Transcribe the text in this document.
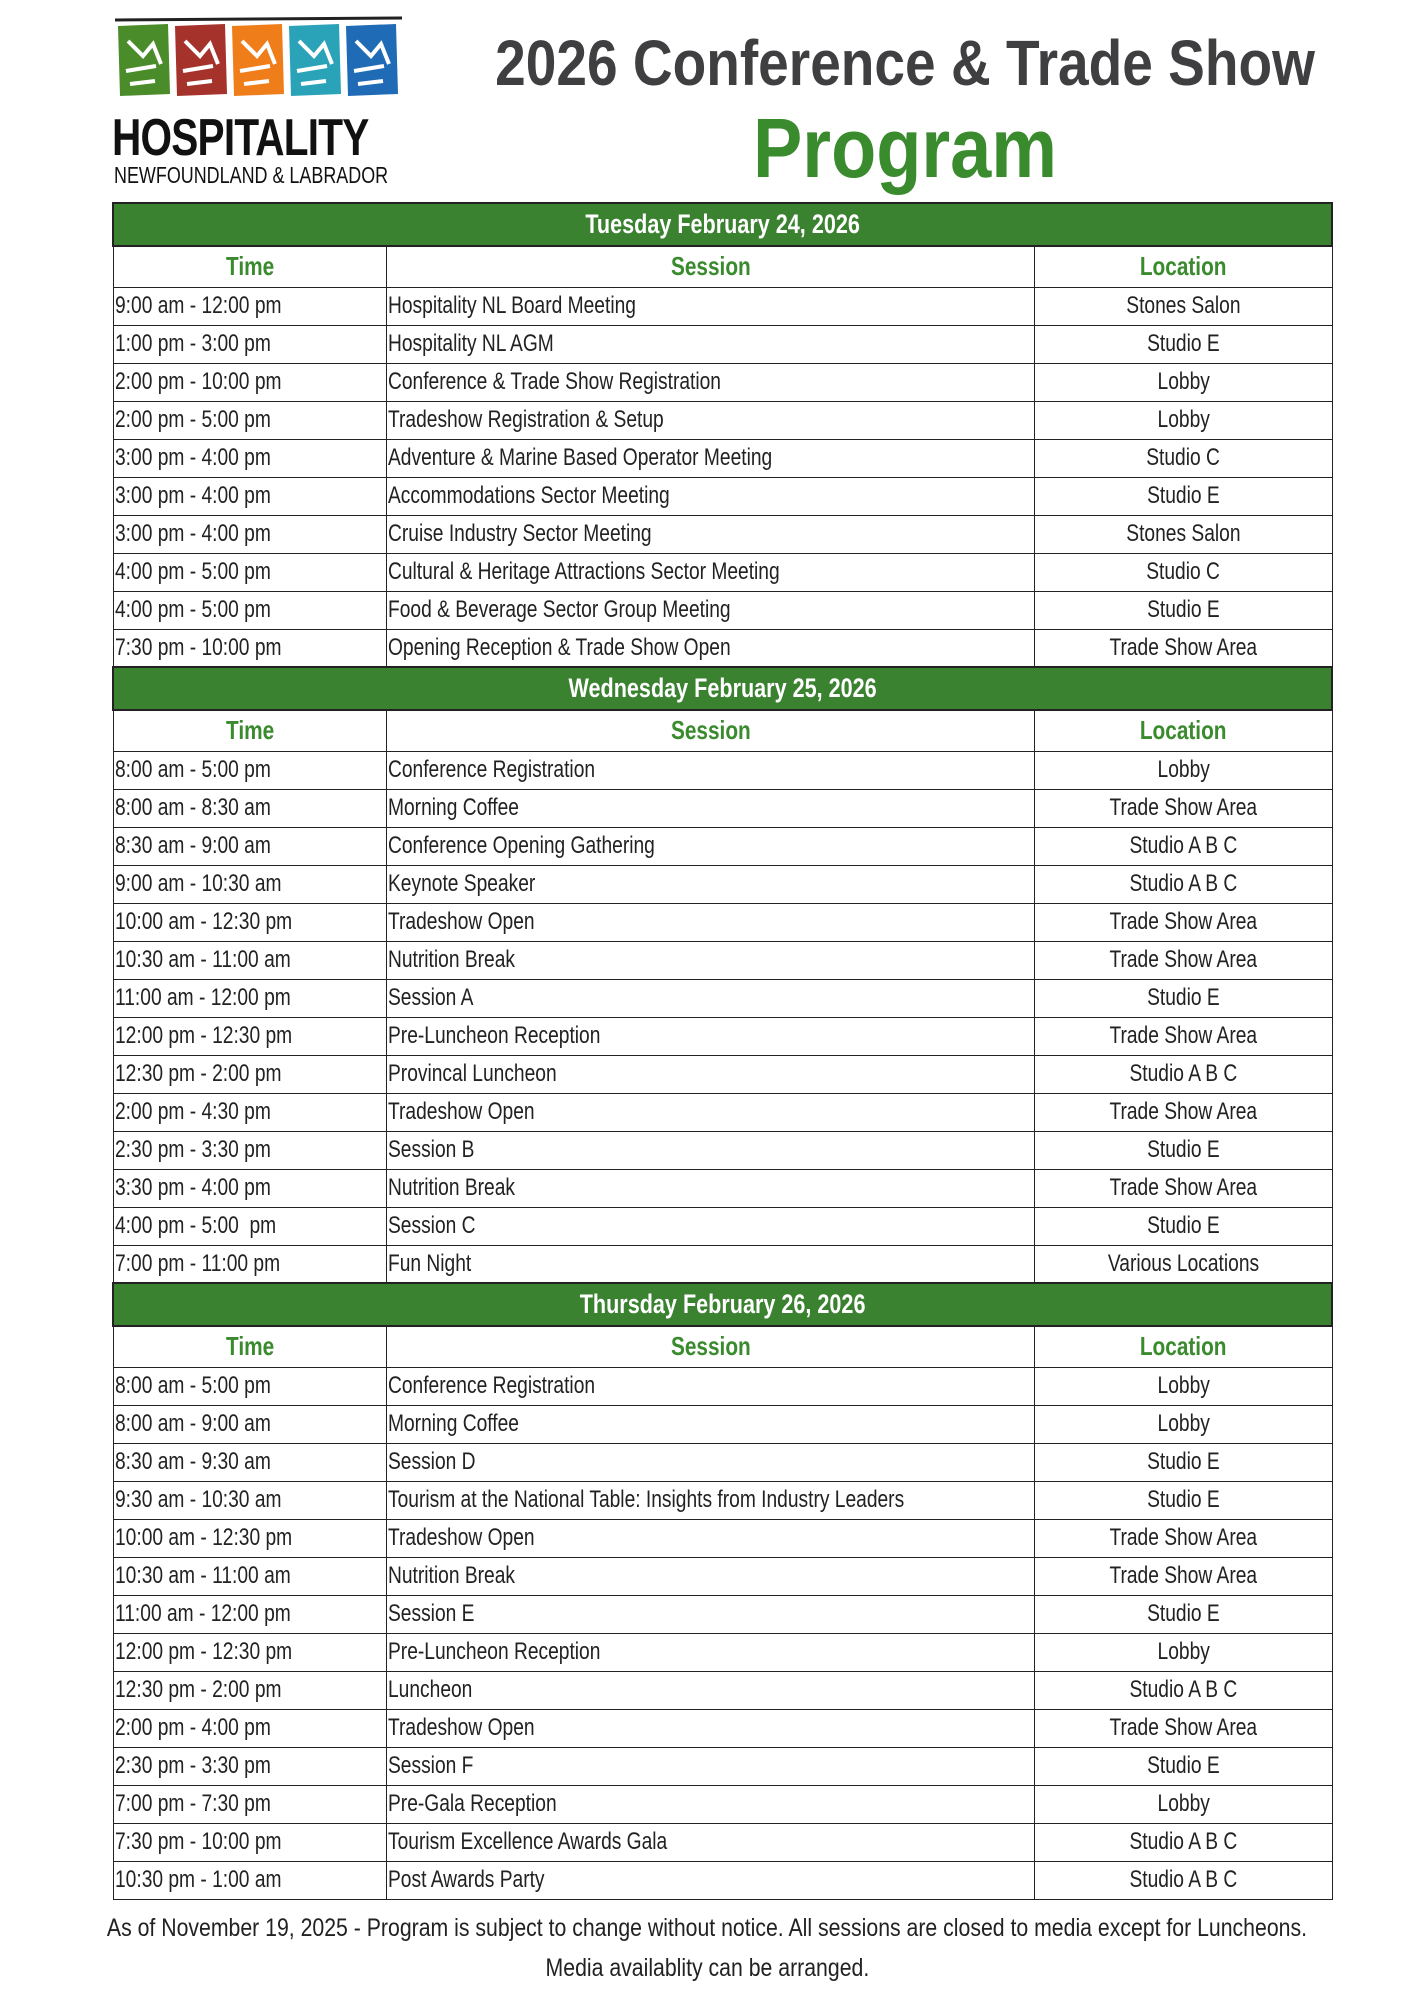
HOSPITALITY
NEWFOUNDLAND & LABRADOR
2026 Conference & Trade Show
Program
Tuesday February 24, 2026		
Time	Session	Location
9:00 am - 12:00 pm	Hospitality NL Board Meeting	Stones Salon
1:00 pm - 3:00 pm	Hospitality NL AGM	Studio E
2:00 pm - 10:00 pm	Conference & Trade Show Registration	Lobby
2:00 pm - 5:00 pm	Tradeshow Registration & Setup	Lobby
3:00 pm - 4:00 pm	Adventure & Marine Based Operator Meeting	Studio C
3:00 pm - 4:00 pm	Accommodations Sector Meeting	Studio E
3:00 pm - 4:00 pm	Cruise Industry Sector Meeting	Stones Salon
4:00 pm - 5:00 pm	Cultural & Heritage Attractions Sector Meeting	Studio C
4:00 pm - 5:00 pm	Food & Beverage Sector Group Meeting	Studio E
7:30 pm - 10:00 pm	Opening Reception & Trade Show Open	Trade Show Area
Wednesday February 25, 2026		
Time	Session	Location
8:00 am - 5:00 pm	Conference Registration	Lobby
8:00 am - 8:30 am	Morning Coffee	Trade Show Area
8:30 am - 9:00 am	Conference Opening Gathering	Studio A B C
9:00 am - 10:30 am	Keynote Speaker	Studio A B C
10:00 am - 12:30 pm	Tradeshow Open	Trade Show Area
10:30 am - 11:00 am	Nutrition Break	Trade Show Area
11:00 am - 12:00 pm	Session A	Studio E
12:00 pm - 12:30 pm	Pre-Luncheon Reception	Trade Show Area
12:30 pm - 2:00 pm	Provincal Luncheon	Studio A B C
2:00 pm - 4:30 pm	Tradeshow Open	Trade Show Area
2:30 pm - 3:30 pm	Session B	Studio E
3:30 pm - 4:00 pm	Nutrition Break	Trade Show Area
4:00 pm - 5:00  pm	Session C	Studio E
7:00 pm - 11:00 pm	Fun Night	Various Locations
Thursday February 26, 2026		
Time	Session	Location
8:00 am - 5:00 pm	Conference Registration	Lobby
8:00 am - 9:00 am	Morning Coffee	Lobby
8:30 am - 9:30 am	Session D	Studio E
9:30 am - 10:30 am	Tourism at the National Table: Insights from Industry Leaders	Studio E
10:00 am - 12:30 pm	Tradeshow Open	Trade Show Area
10:30 am - 11:00 am	Nutrition Break	Trade Show Area
11:00 am - 12:00 pm	Session E	Studio E
12:00 pm - 12:30 pm	Pre-Luncheon Reception	Lobby
12:30 pm - 2:00 pm	Luncheon	Studio A B C
2:00 pm - 4:00 pm	Tradeshow Open	Trade Show Area
2:30 pm - 3:30 pm	Session F	Studio E
7:00 pm - 7:30 pm	Pre-Gala Reception	Lobby
7:30 pm - 10:00 pm	Tourism Excellence Awards Gala	Studio A B C
10:30 pm - 1:00 am	Post Awards Party	Studio A B C
As of November 19, 2025 - Program is subject to change without notice. All sessions are closed to media except for Luncheons.
Media availablity can be arranged.
